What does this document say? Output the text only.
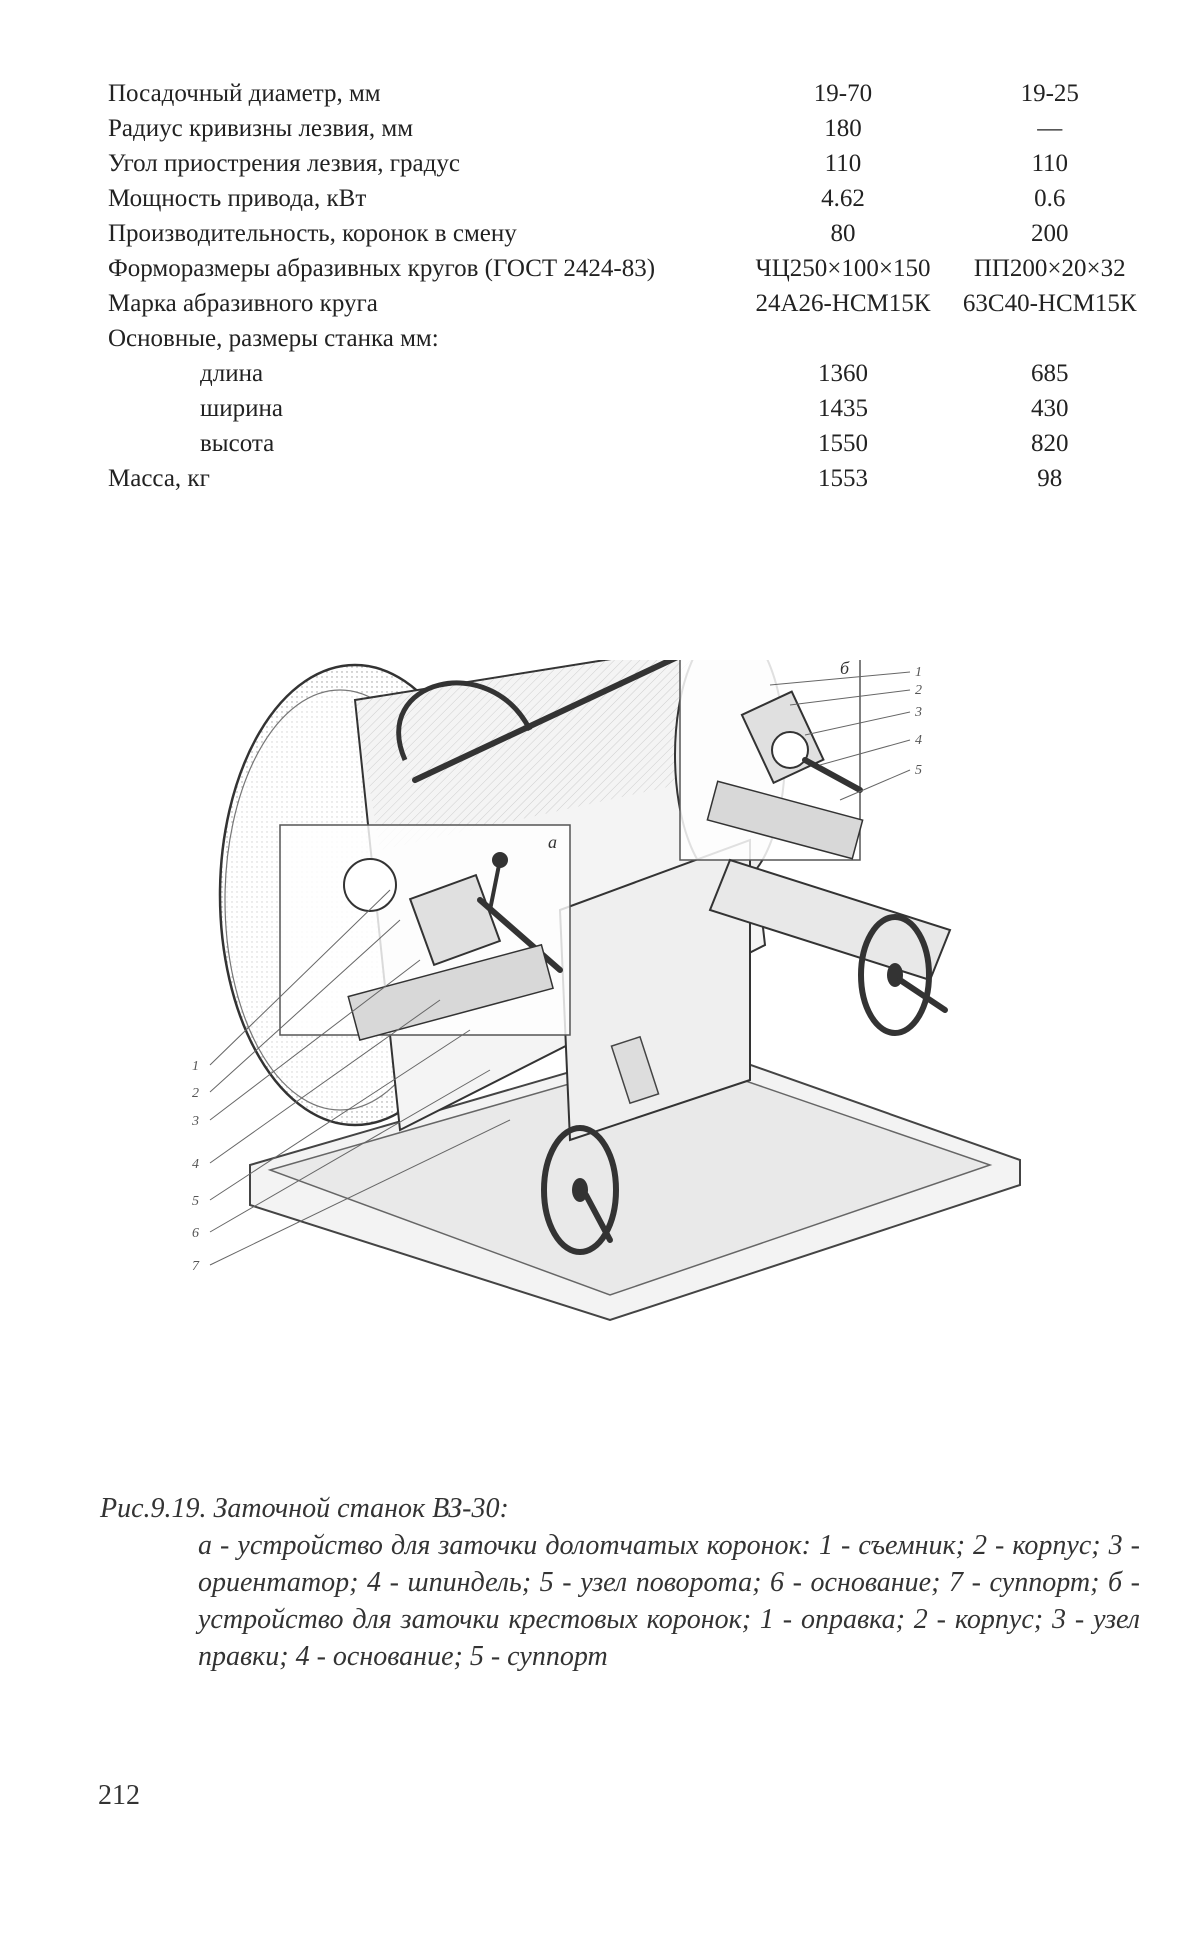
Посадочный диаметр, мм	19-70	19-25
Радиус кривизны лезвия, мм	180	—
Угол приострения лезвия, градус	110	110
Мощность привода, кВт	4.62	0.6
Производительность, коронок в смену	80	200
Формоpазмеры абразивных кругов (ГОСТ 2424-83)	ЧЦ250×100×150	ПП200×20×32
Марка абразивного круга	24А26-НСМ15К	63С40-НСМ15К
Основные, размеры станка мм:		
длина	1360	685
ширина	1435	430
высота	1550	820
Масса, кг	1553	98
а
б
1
2
3
4
5
6
7
1
2
3
4
5
Рис.9.19. Заточной станок ВЗ-30:
а - устройство для заточки долотчатых коронок: 1 - съемник; 2 - корпус; 3 - ориентатор; 4 - шпиндель; 5 - узел поворота; 6 - основание; 7 - суппорт; б - устройство для заточки крестовых коронок; 1 - оправка; 2 - корпус; 3 - узел правки; 4 - основание; 5 - суппорт
212
